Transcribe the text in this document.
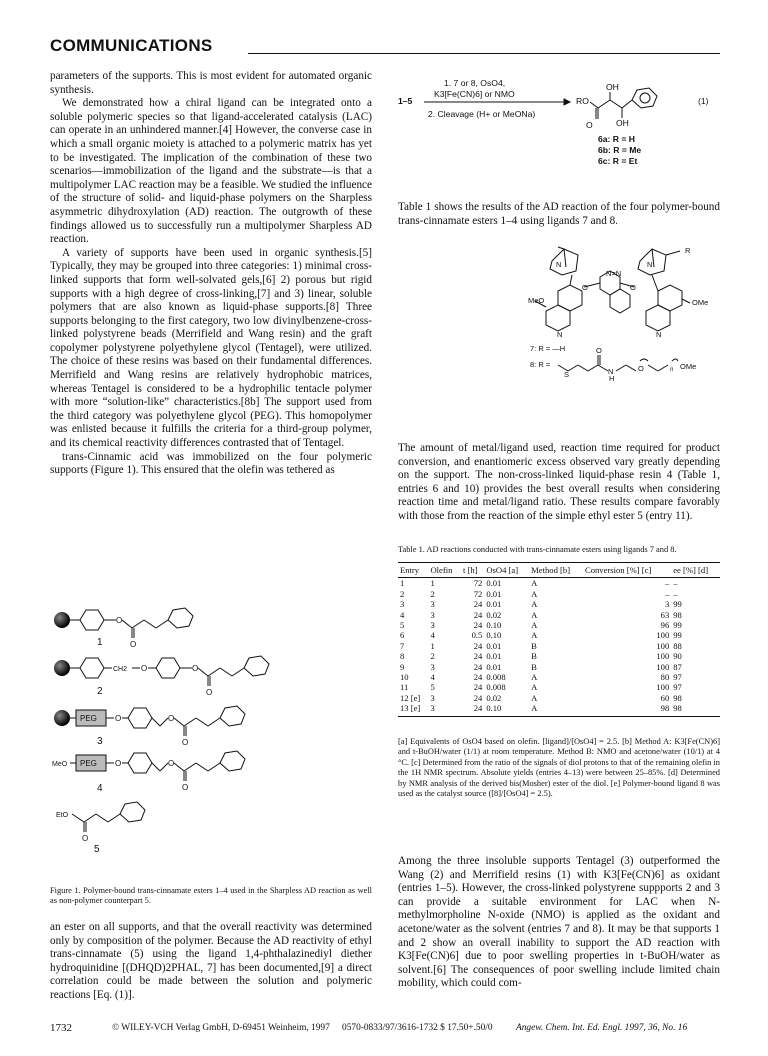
COMMUNICATIONS

parameters of the supports. This is most evident for automated organic synthesis.

We demonstrated how a chiral ligand can be integrated onto a soluble polymeric species so that ligand-accelerated catalysis (LAC) can operate in an unhindered manner.[4] However, the converse case in which a small organic moiety is attached to a polymeric matrix has yet to be investigated. The implication of the combination of these two scenarios—immobilization of the ligand and the substrate—is that a multipolymer LAC reaction may be a feasible. We studied the influence of the structure of solid- and liquid-phase polymers on the Sharpless asymmetric dihydroxylation (AD) reaction. The outgrowth of these findings allowed us to successfully run a multipolymer Sharpless AD reaction.

A variety of supports have been used in organic synthesis.[5] Typically, they may be grouped into three categories: 1) minimal cross-linked supports that form well-solvated gels,[6] 2) porous but rigid supports with a high degree of cross-linking,[7] and 3) linear, soluble polymers that are also known as liquid-phase supports.[8] Three supports belonging to the first category, two low divinylbenzene-cross-linked polystyrene beads (Merrifield and Wang resin) and the graft copolymer polystyrene polyethylene glycol (Tentagel), were utilized. The choice of these resins was based on their fundamental differences. Merrifield and Wang resins are relatively hydrophobic matrices, whereas Tentagel is considered to be a hydrophilic tentacle polymer with more “solution-like” characteristics.[8b] The support used from the third category was polyethylene glycol (PEG). This homopolymer was enlisted because it fulfills the criteria for a third-group polymer, and its chemical reactivity differences contrasted that of Tentagel.

trans-Cinnamic acid was immobilized on the four polymeric supports (Figure 1). This ensured that the olefin was tethered as

O
O
1
CH2 O	O
O
2
PEG O	O
O
3
MeO PEG O	O
O
4
EtO
O
5
Figure 1. Polymer-bound trans-cinnamate esters 1–4 used in the Sharpless AD reaction as well as non-polymer counterpart 5.
an ester on all supports, and that the overall reactivity was determined only by composition of the polymer. Because the AD reactivity of ethyl trans-cinnamate (5) using the ligand 1,4-phthalazinediyl diether hydroquinidine [(DHQD)2PHAL, 7] has been documented,[9] a direct correlation could be made between the solution and polymeric reactions [Eq. (1)].
1–5
1. 7 or 8, OsO4,
K3[Fe(CN)6] or NMO
2. Cleavage (H+ or MeONa)
OH
RO
O	OH
(1)
6a: R = H
6b: R = Me
6c: R = Et
Table 1 shows the results of the AD reaction of the four polymer-bound trans-cinnamate esters 1–4 using ligands 7 and 8.
N	N
N=N
O	O
N	N
MeO	OMe
R
7: R = —H
8: R =
S
O
N
H
O	n OMe
The amount of metal/ligand used, reaction time required for product conversion, and enantiomeric excess observed vary greatly depending on the support. The non-cross-linked liquid-phase resin 4 (Table 1, entries 6 and 10) provides the best overall results when considering reaction time and metal/ligand ratio. These results compare favorably with those from the reaction of the simple ethyl ester 5 (entry 11).
Table 1. AD reactions conducted with trans-cinnamate esters using ligands 7 and 8.
Entry	Olefin	t [h]	OsO4 [a]	Method [b]	Conversion [%] [c]	ee [%] [d]
1	1	72	0.01	A	–	–
2	2	72	0.01	A	–	–
3	3	24	0.01	A	3	99
4	3	24	0.02	A	63	98
5	3	24	0.10	A	96	99
6	4	0.5	0.10	A	100	99
7	1	24	0.01	B	100	88
8	2	24	0.01	B	100	90
9	3	24	0.01	B	100	87
10	4	24	0.008	A	80	97
11	5	24	0.008	A	100	97
12 [e]	3	24	0.02	A	60	98
13 [e]	3	24	0.10	A	98	98
[a] Equivalents of OsO4 based on olefin. [ligand]/[OsO4] = 2.5. [b] Method A: K3[Fe(CN)6] and t-BuOH/water (1/1) at room temperature. Method B: NMO and acetone/water (10/1) at 4 °C. [c] Determined from the ratio of the signals of diol protons to that of the remaining olefin in the 1H NMR spectrum. Absolute yields (entries 4–13) were between 25–85%. [d] Determined by NMR analysis of the derived bis(Mosher) ester of the diol. [e] Polymer-bound ligand 8 was used as the catalyst source ([8]/[OsO4] = 2.5).
Among the three insoluble supports Tentagel (3) outperformed the Wang (2) and Merrifield resins (1) with K3[Fe(CN)6] as oxidant (entries 1–5). However, the cross-linked polystyrene suppports 2 and 3 can provide a suitable environment for LAC when N-methylmorpholine N-oxide (NMO) is applied as the oxidant and acetone/water as the solvent (entries 7 and 8). It may be that supports 1 and 2 show an overall inability to support the AD reaction with K3[Fe(CN)6] due to poor swelling properties in t-BuOH/water as solvent.[6] The consequences of poor swelling include limited chain mobility, which could com-
1732	© WILEY-VCH Verlag GmbH, D-69451 Weinheim, 1997 0570-0833/97/3616-1732 $ 17.50+.50/0 Angew. Chem. Int. Ed. Engl. 1997, 36, No. 16
